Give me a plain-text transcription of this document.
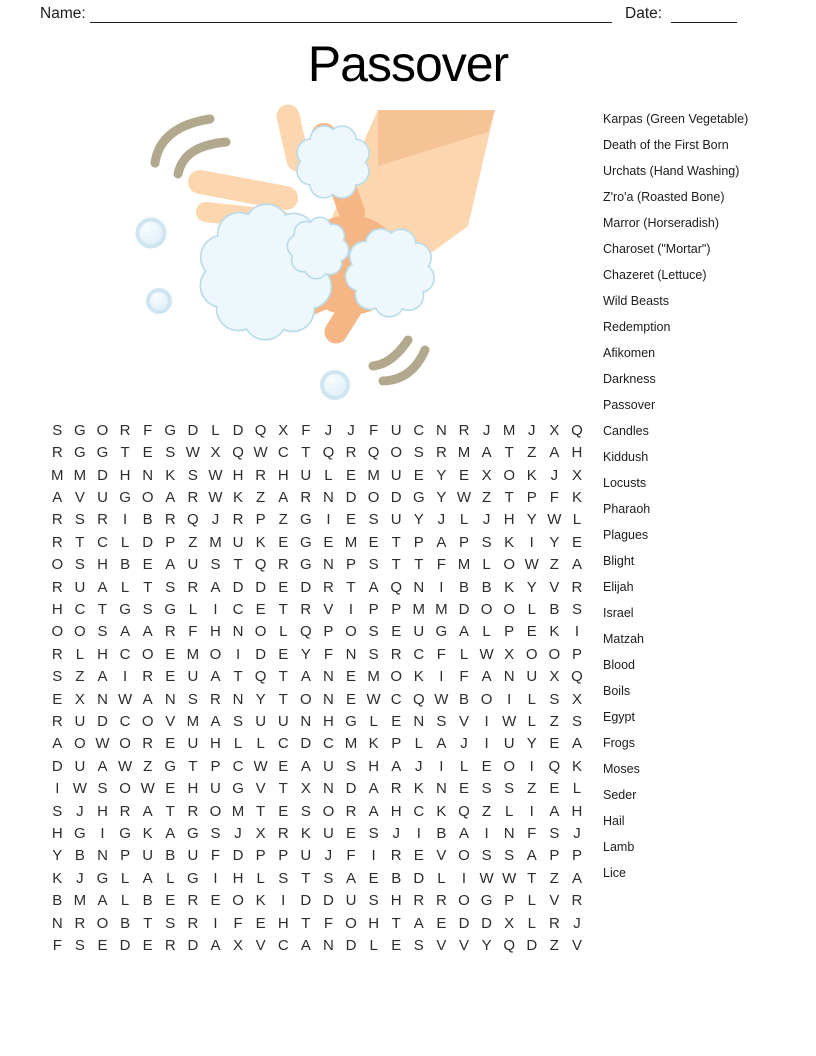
Name:	Date:
Passover
S G O R F G D L D Q X F J	J F U C N R J M J X Q
R G G T E S W X Q W C T Q R Q O S R M A T Z A H
M M D H N K S W H R H U L E M U E Y E X O K J X
A V U G O A R W K Z A R N D O D G Y W Z T P F K
R S R	I	B R Q J R P Z G I	E S U Y J L J H Y W L
R T C L D P Z M U K E G E M E T P A P S K	I	Y E
O S H B E A U S T Q R G N P S T T F M L O W Z A
R U A L T S R A D D E D R T A Q N	I	B B K Y V R
H C T G S G L	I	C E T R V	I	P P M M D O O L B S
O O S A A R F H N O L Q P O S E U G A L P E K	I
R L H C O E M O I	D E Y F N S R C F L W X O O P
S Z A	I	R E U A T Q T A N E M O K	I	F A N U X Q
E X N W A N S R N Y T O N E W C Q W B O I	L S X
R U D C O V M A S U U N H G L E N S V	I W L Z S
A O W O R E U H L L C D C M K P L A J	I	U Y E A
D U A W Z G T P C W E A U S H A J	I	L E O I Q K
I W S O W E H U G V T X N D A R K N E S S Z E L
S J H R A T R O M T E S O R A H C K Q Z L	I	A H
H G I G K A G S J X R K U E S J	I	B A	I	N F S J
Y B N P U B U F D P P U J F	I	R E V O S S A P P
K J G L A L G I	H L S T S A E B D L	I W W T Z A
B M A L B E R E O K	I	D D U S H R R O G P L V R
N R O B T S R	I	F E H T F O H T A E D D X L R J
F S E D E R D A X V C A N D L E S V V Y Q D Z V
Karpas (Green Vegetable)
Death of the First Born
Urchats (Hand Washing)
Z'ro'a (Roasted Bone)
Marror (Horseradish)
Charoset ("Mortar")
Chazeret (Lettuce)
Wild Beasts
Redemption
Afikomen
Darkness
Passover
Candles
Kiddush
Locusts
Pharaoh
Plagues
Blight
Elijah
Israel
Matzah
Blood
Boils
Egypt
Frogs
Moses
Seder
Hail
Lamb
Lice
